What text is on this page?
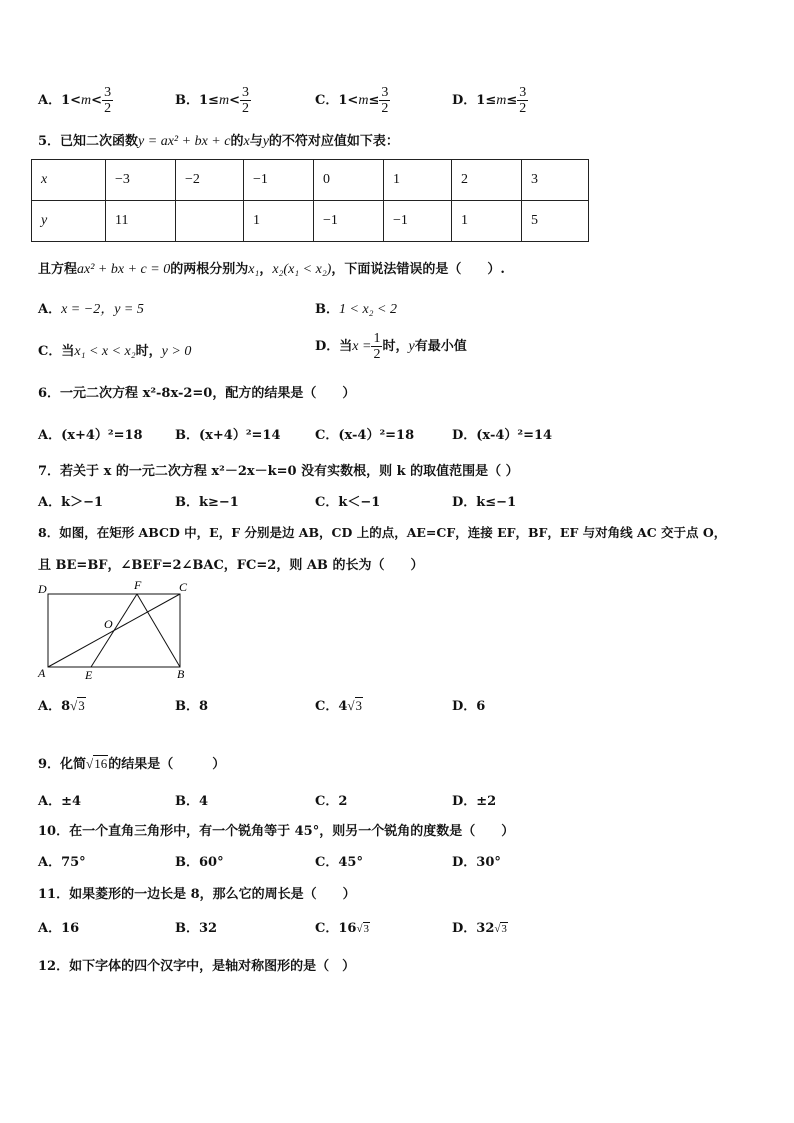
A．$1<m< \frac{3}{2}$	B．$1\le m< \frac{3}{2}$	C．$1<m\le \frac{3}{2}$	D．$1\le m\le \frac{3}{2}$
5．已知二次函数y = ax² + bx + c的x与y的不符对应值如下表：
x	−3	−2	−1	0	1	2	3
y	11		1	−1	−1	1	5
且方程ax² + bx + c = 0的两根分别为x₁，x₂(x₁ < x₂)，下面说法错误的是（　　）.
A．x = −2，y = 5	B．1 < x₂ < 2
C．当x₁ < x < x₂时，y > 0	D．当$x = \frac{1}{2}$ 时，y有最小值
6．一元二次方程 x²-8x-2=0，配方的结果是（　　）
A．(x+4）²=18 B．(x+4）²=14	C．(x-4）²=18	D．(x-4）²=14
7．若关于 x 的一元二次方程 x²－2x－k=0 没有实数根，则 k 的取值范围是（ ）
A．k＞−1	B．k≥−1	C．k＜−1	D．k≤−1
8．如图，在矩形 ABCD 中，E，F 分别是边 AB，CD 上的点，AE=CF，连接 EF，BF，EF 与对角线 AC 交于点 O，
且 BE=BF，∠BEF=2∠BAC，FC=2，则 AB 的长为（　　）
D	F	C
O
A	E	B
A．8√3	B．8	C．4√3	D．6
9．化简√16的结果是（　　　）
A．±4	B．4	C．2	D．±2
10．在一个直角三角形中，有一个锐角等于 45°，则另一个锐角的度数是（　　）
A．75°	B．60°	C．45°	D．30°
11．如果菱形的一边长是 8，那么它的周长是（　　）
A．16	B．32	C．16√3	D．32√3
12．如下字体的四个汉字中，是轴对称图形的是（　）
